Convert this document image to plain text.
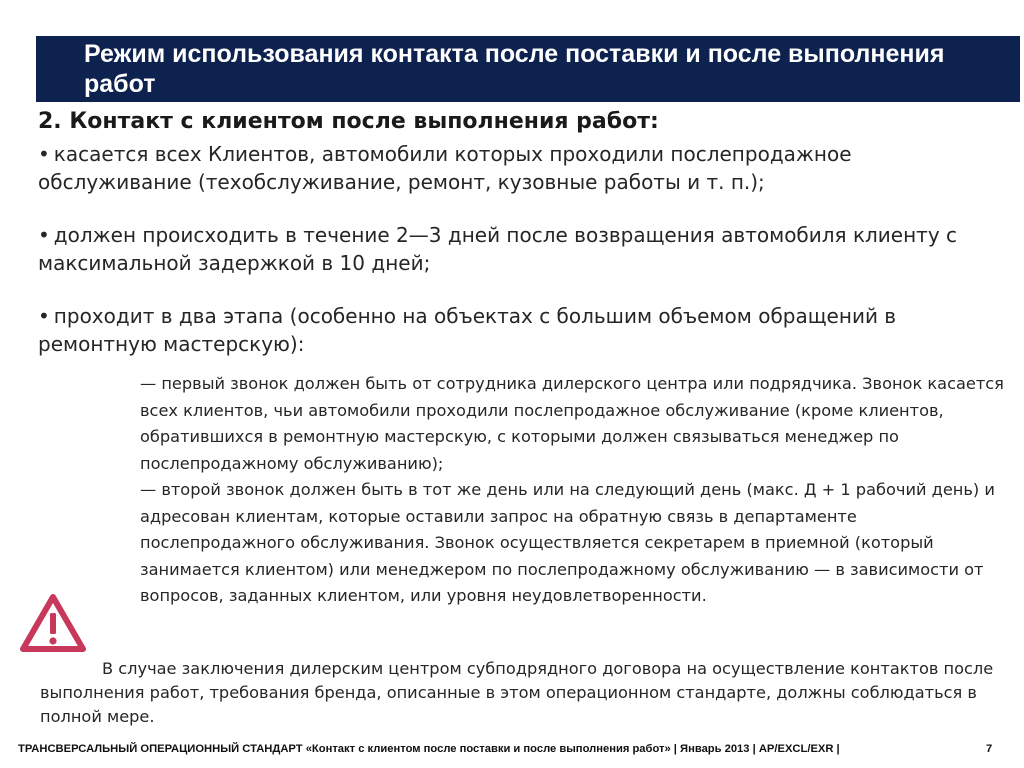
Режим использования контакта после поставки и после выполнения работ
2. Контакт с клиентом после выполнения работ:
• касается всех Клиентов, автомобили которых проходили послепродажное обслуживание (техобслуживание, ремонт, кузовные работы и т. п.);
• должен происходить в течение 2—3 дней после возвращения автомобиля клиенту с максимальной задержкой в 10 дней;
• проходит в два этапа (особенно на объектах с большим объемом обращений в ремонтную мастерскую):

— первый звонок должен быть от сотрудника дилерского центра или подрядчика. Звонок касается всех клиентов, чьи автомобили проходили послепродажное обслуживание (кроме клиентов, обратившихся в ремонтную мастерскую, с которыми должен связываться менеджер по послепродажному обслуживанию);

— второй звонок должен быть в тот же день или на следующий день (макс. Д + 1 рабочий день) и адресован клиентам, которые оставили запрос на обратную связь в департаменте послепродажного обслуживания. Звонок осуществляется секретарем в приемной (который занимается клиентом) или менеджером по послепродажному обслуживанию — в зависимости от вопросов, заданных клиентом, или уровня неудовлетворенности.

В случае заключения дилерским центром субподрядного договора на осуществление контактов после выполнения работ, требования бренда, описанные в этом операционном стандарте, должны соблюдаться в полной мере.

ТРАНСВЕРСАЛЬНЫЙ ОПЕРАЦИОННЫЙ СТАНДАРТ «Контакт с клиентом после поставки и после выполнения работ» | Январь 2013 | AP/EXCL/EXR |	7
